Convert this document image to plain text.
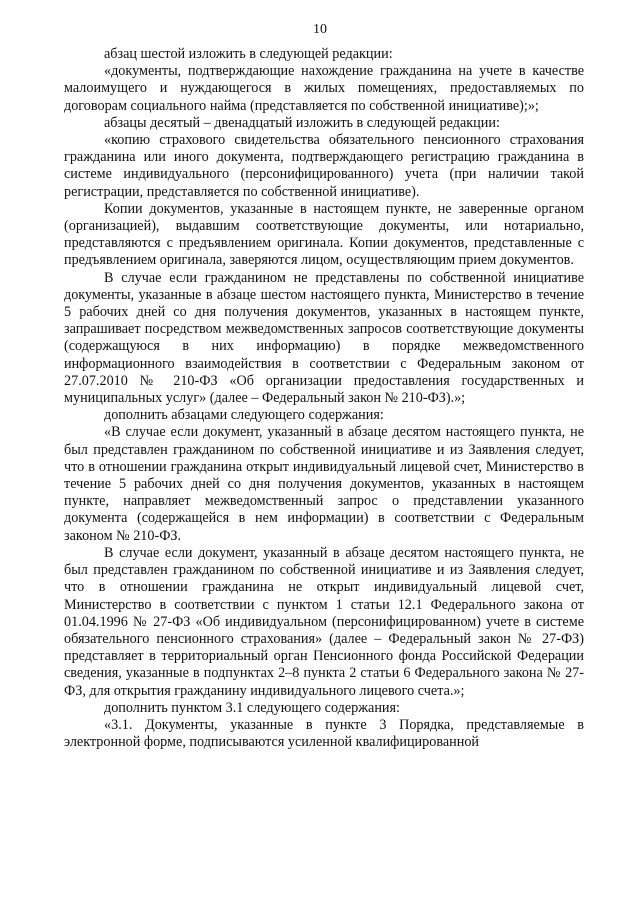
10

абзац шестой изложить в следующей редакции:

«документы, подтверждающие нахождение гражданина на учете в качестве малоимущего и нуждающегося в жилых помещениях, предоставляемых по договорам социального найма (представляется по собственной инициативе);»;

абзацы десятый – двенадцатый изложить в следующей редакции:

«копию страхового свидетельства обязательного пенсионного страхования гражданина или иного документа, подтверждающего регистрацию гражданина в системе индивидуального (персонифицированного) учета (при наличии такой регистрации, представляется по собственной инициативе).

Копии документов, указанные в настоящем пункте, не заверенные органом (организацией), выдавшим соответствующие документы, или нотариально, представляются с предъявлением оригинала. Копии документов, представленные с предъявлением оригинала, заверяются лицом, осуществляющим прием документов.

В случае если гражданином не представлены по собственной инициативе документы, указанные в абзаце шестом настоящего пункта, Министерство в течение 5 рабочих дней со дня получения документов, указанных в настоящем пункте, запрашивает посредством межведомственных запросов соответствующие документы (содержащуюся в них информацию) в порядке межведомственного информационного взаимодействия в соответствии с Федеральным законом от 27.07.2010 № 210-ФЗ «Об организации предоставления государственных и муниципальных услуг» (далее – Федеральный закон № 210-ФЗ).»;

дополнить абзацами следующего содержания:

«В случае если документ, указанный в абзаце десятом настоящего пункта, не был представлен гражданином по собственной инициативе и из Заявления следует, что в отношении гражданина открыт индивидуальный лицевой счет, Министерство в течение 5 рабочих дней со дня получения документов, указанных в настоящем пункте, направляет межведомственный запрос о представлении указанного документа (содержащейся в нем информации) в соответствии с Федеральным законом № 210-ФЗ.

В случае если документ, указанный в абзаце десятом настоящего пункта, не был представлен гражданином по собственной инициативе и из Заявления следует, что в отношении гражданина не открыт индивидуальный лицевой счет, Министерство в соответствии с пунктом 1 статьи 12.1 Федерального закона от 01.04.1996 № 27-ФЗ «Об индивидуальном (персонифицированном) учете в системе обязательного пенсионного страхования» (далее – Федеральный закон № 27-ФЗ) представляет в территориальный орган Пенсионного фонда Российской Федерации сведения, указанные в подпунктах 2–8 пункта 2 статьи 6 Федерального закона № 27-ФЗ, для открытия гражданину индивидуального лицевого счета.»;

дополнить пунктом 3.1 следующего содержания:

«3.1. Документы, указанные в пункте 3 Порядка, представляемые в электронной форме, подписываются усиленной квалифицированной
